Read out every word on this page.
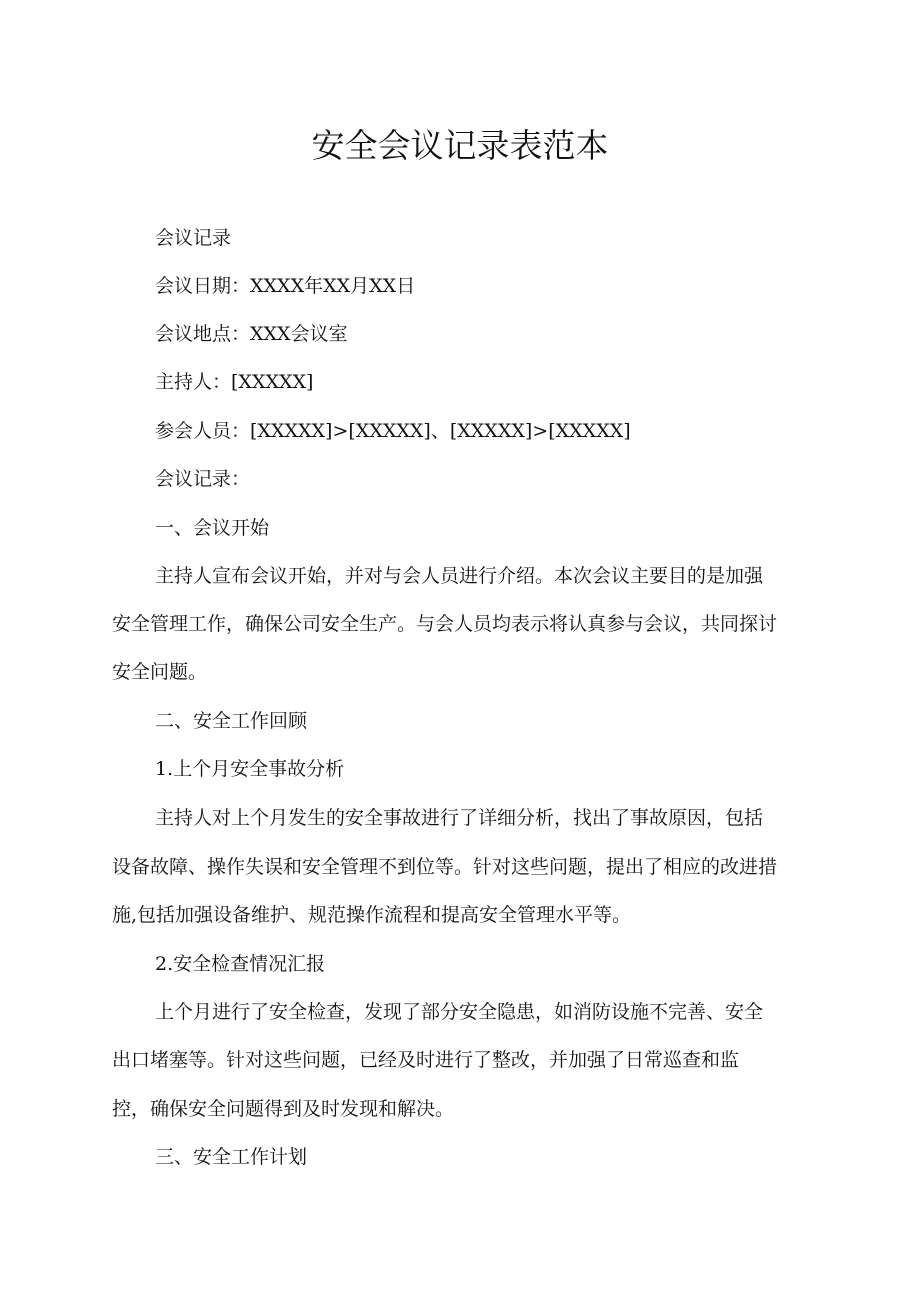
安全会议记录表范本
会议记录
会议日期：XXXX年XX月XX日
会议地点：XXX会议室
主持人：[XXXXX]
参会人员：[XXXXX]>[XXXXX]、[XXXXX]>[XXXXX]
会议记录：
一、会议开始
主持人宣布会议开始，并对与会人员进行介绍。本次会议主要目的是加强
安全管理工作，确保公司安全生产。与会人员均表示将认真参与会议，共同探讨
安全问题。
二、安全工作回顾
1.上个月安全事故分析
主持人对上个月发生的安全事故进行了详细分析，找出了事故原因，包括
设备故障、操作失误和安全管理不到位等。针对这些问题，提出了相应的改进措
施,包括加强设备维护、规范操作流程和提高安全管理水平等。
2.安全检查情况汇报
上个月进行了安全检查，发现了部分安全隐患，如消防设施不完善、安全
出口堵塞等。针对这些问题，已经及时进行了整改，并加强了日常巡查和监
控，确保安全问题得到及时发现和解决。
三、安全工作计划
